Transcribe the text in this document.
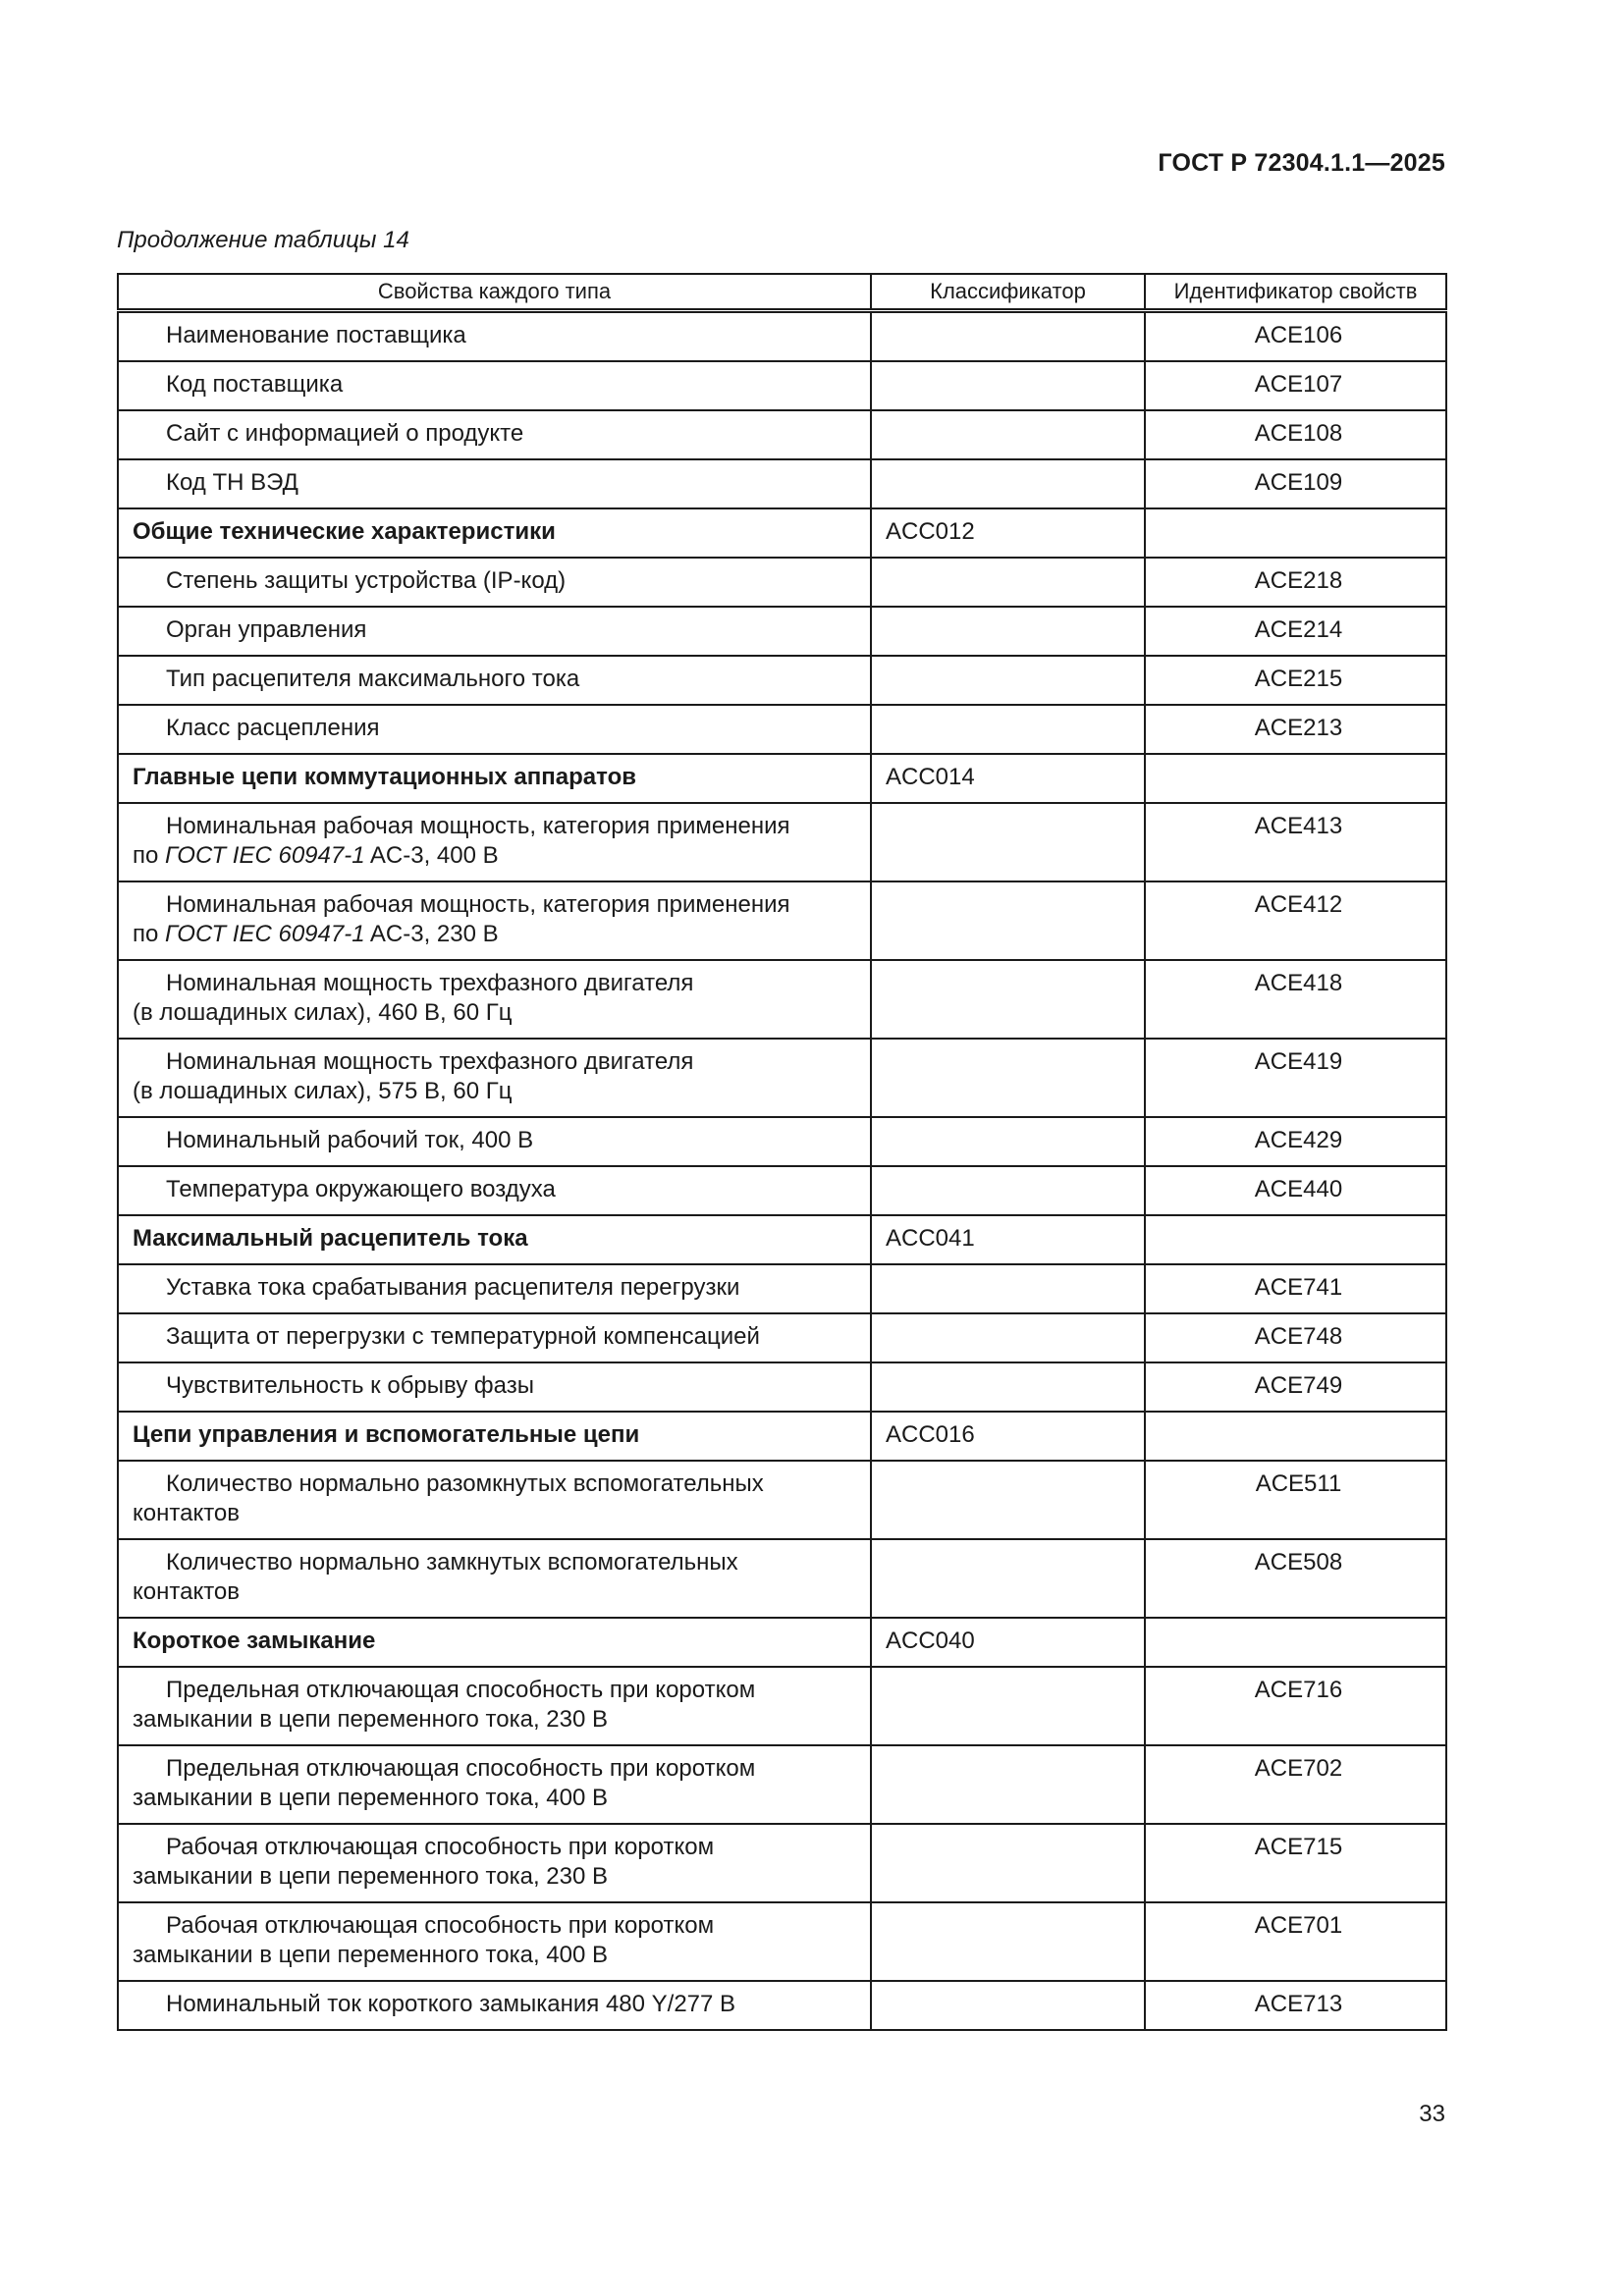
ГОСТ Р 72304.1.1—2025
Продолжение таблицы 14
Свойства каждого типа	Классификатор	Идентификатор свойств
Наименование поставщика		ACE106
Код поставщика		ACE107
Сайт с информацией о продукте		ACE108
Код ТН ВЭД		ACE109
Общие технические характеристики	ACC012	
Степень защиты устройства (IP-код)		ACE218
Орган управления		ACE214
Тип расцепителя максимального тока		ACE215
Класс расцепления		ACE213
Главные цепи коммутационных аппаратов	ACC014	
Номинальная рабочая мощность, категория применения
по ГОСТ IEC 60947-1 AC-3, 400 В		ACE413
Номинальная рабочая мощность, категория применения
по ГОСТ IEC 60947-1 AC-3, 230 В		ACE412
Номинальная мощность трехфазного двигателя
(в лошадиных силах), 460 В, 60 Гц		ACE418
Номинальная мощность трехфазного двигателя
(в лошадиных силах), 575 В, 60 Гц		ACE419
Номинальный рабочий ток, 400 В		ACE429
Температура окружающего воздуха		ACE440
Максимальный расцепитель тока	ACC041	
Уставка тока срабатывания расцепителя перегрузки		ACE741
Защита от перегрузки с температурной компенсацией		ACE748
Чувствительность к обрыву фазы		ACE749
Цепи управления и вспомогательные цепи	ACC016	
Количество нормально разомкнутых вспомогательных
контактов		ACE511
Количество нормально замкнутых вспомогательных
контактов		ACE508
Короткое замыкание	ACC040	
Предельная отключающая способность при коротком
замыкании в цепи переменного тока, 230 В		ACE716
Предельная отключающая способность при коротком
замыкании в цепи переменного тока, 400 В		ACE702
Рабочая отключающая способность при коротком
замыкании в цепи переменного тока, 230 В		ACE715
Рабочая отключающая способность при коротком
замыкании в цепи переменного тока, 400 В		ACE701
Номинальный ток короткого замыкания 480 Y/277 В		ACE713
33
